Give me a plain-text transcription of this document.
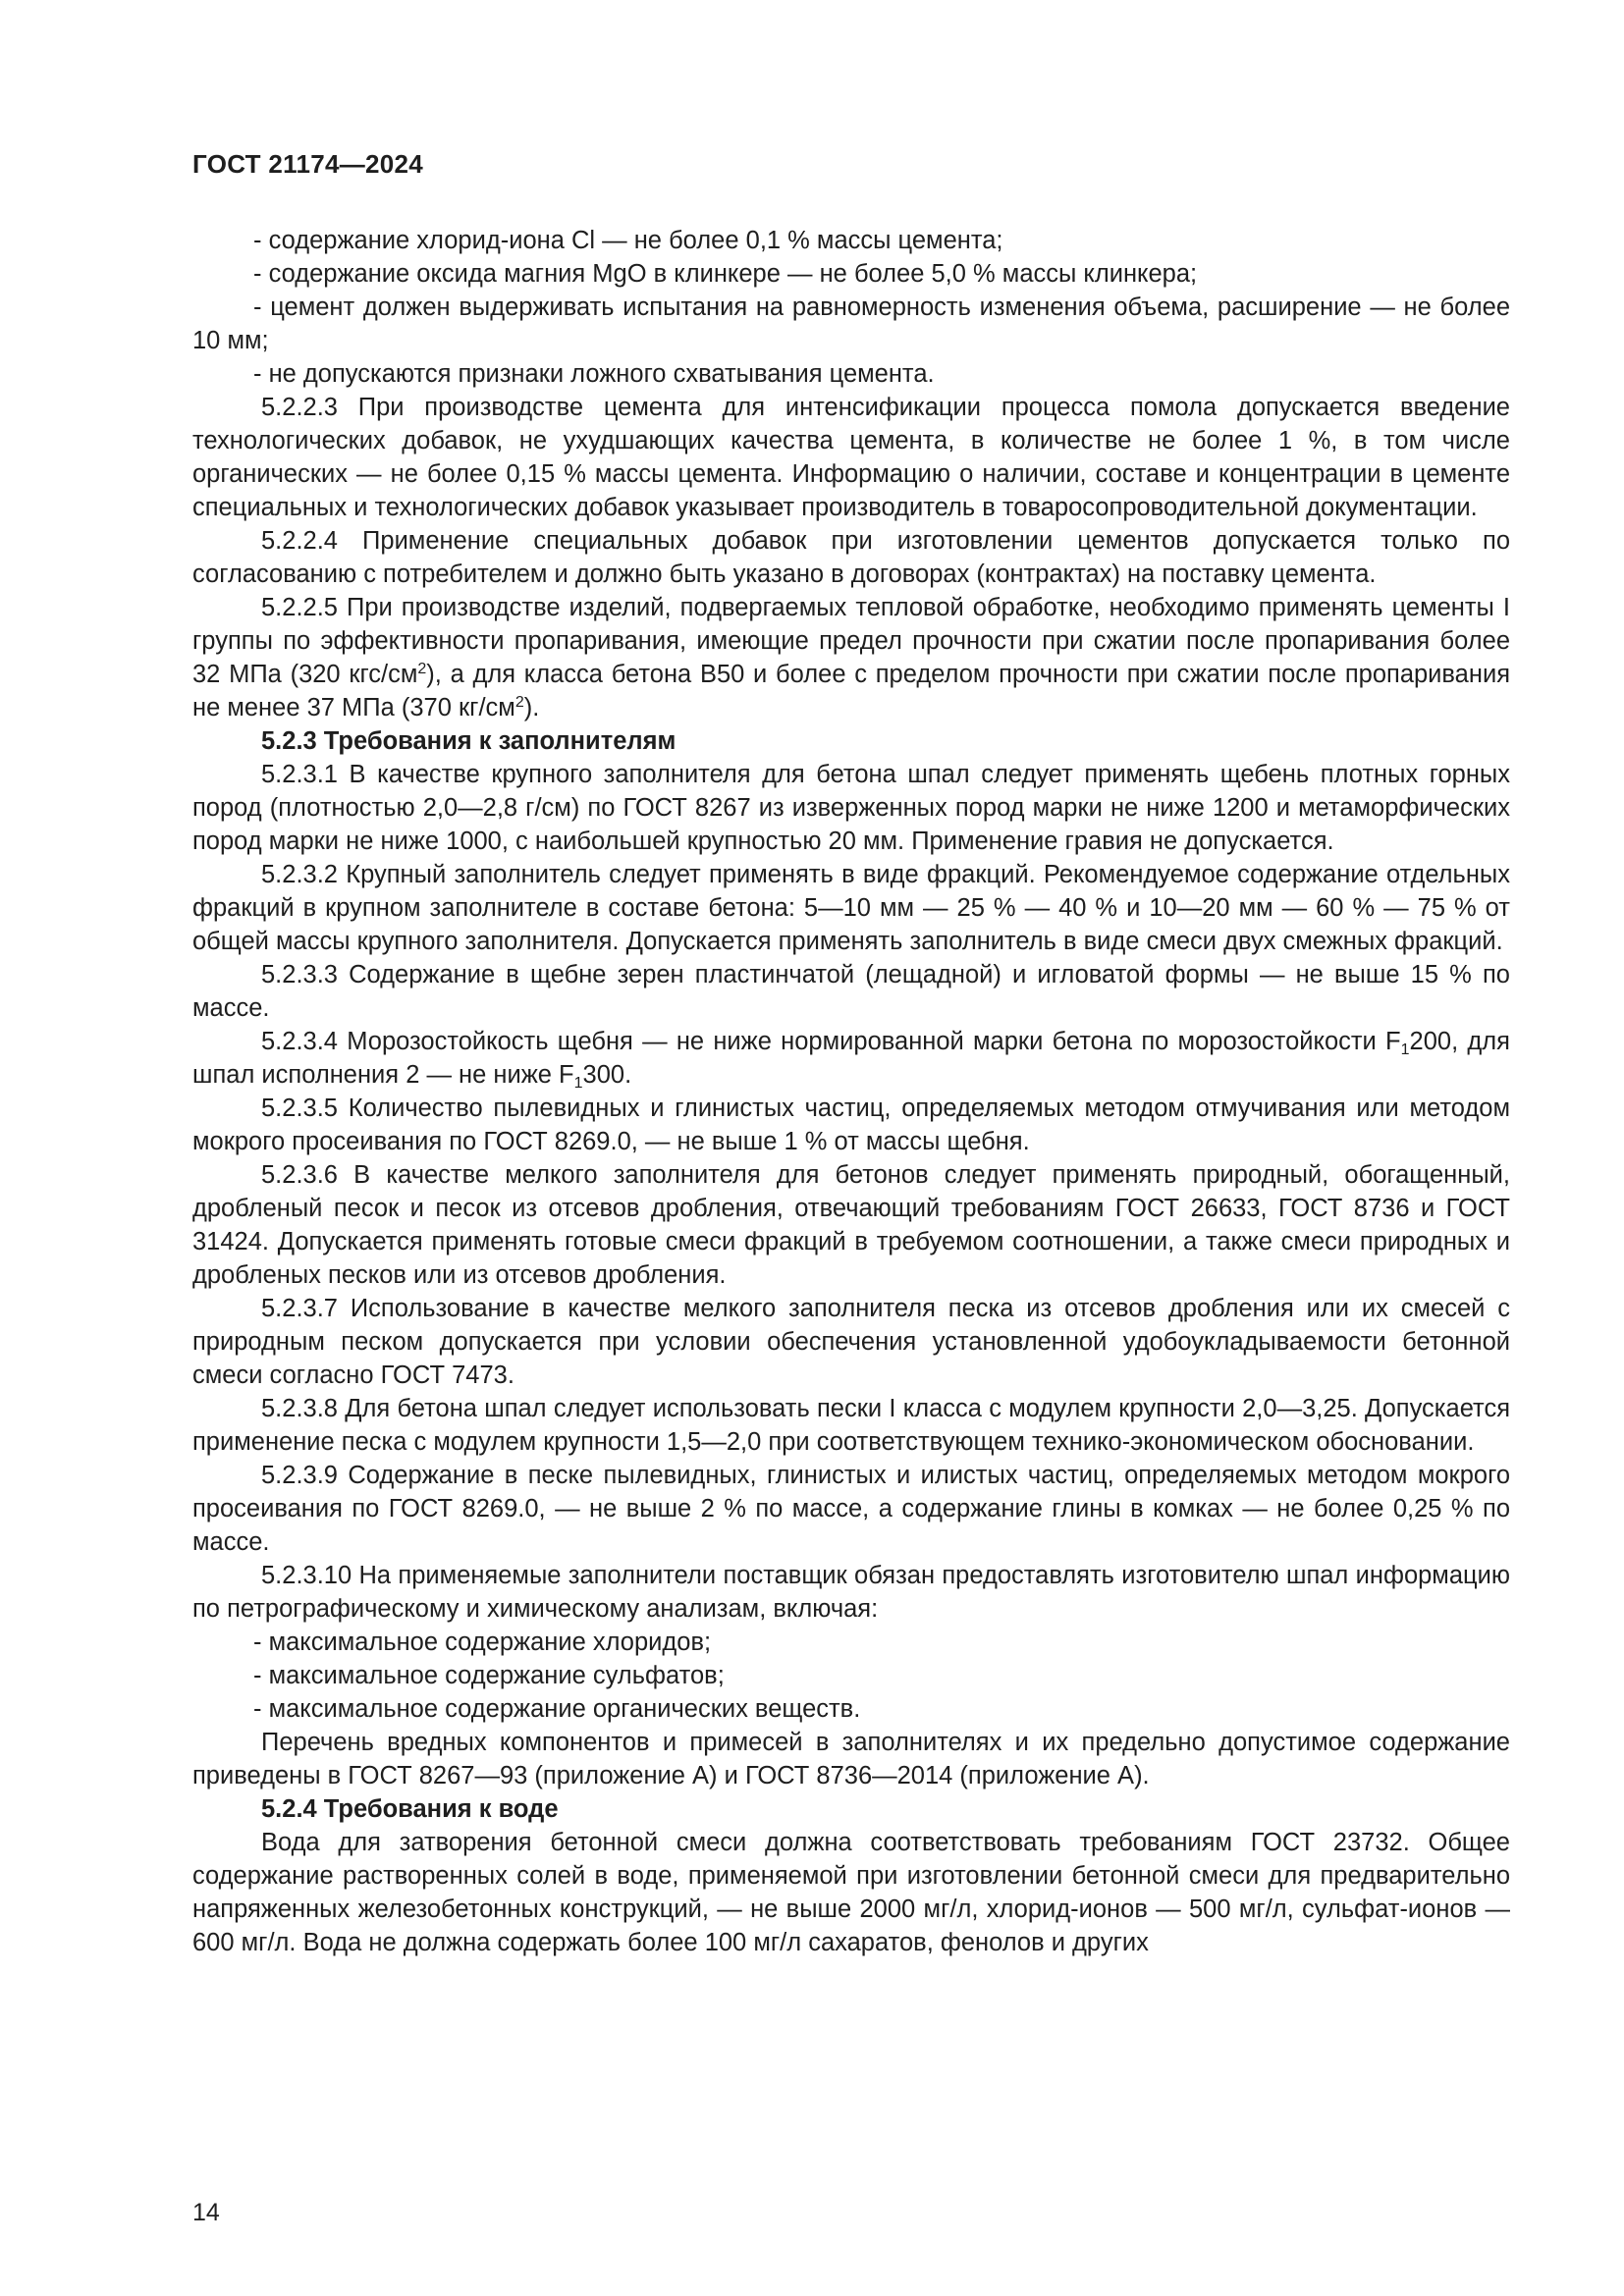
ГОСТ 21174—2024

- содержание хлорид-иона Cl — не более 0,1 % массы цемента;

- содержание оксида магния MgO в клинкере — не более 5,0 % массы клинкера;

- цемент должен выдерживать испытания на равномерность изменения объема, расширение — не более 10 мм;

- не допускаются признаки ложного схватывания цемента.

5.2.2.3 При производстве цемента для интенсификации процесса помола допускается введение технологических добавок, не ухудшающих качества цемента, в количестве не более 1 %, в том числе органических — не более 0,15 % массы цемента. Информацию о наличии, составе и концентрации в цементе специальных и технологических добавок указывает производитель в товаросопроводительной документации.

5.2.2.4 Применение специальных добавок при изготовлении цементов допускается только по согласованию с потребителем и должно быть указано в договорах (контрактах) на поставку цемента.

5.2.2.5 При производстве изделий, подвергаемых тепловой обработке, необходимо применять цементы I группы по эффективности пропаривания, имеющие предел прочности при сжатии после пропаривания более 32 МПа (320 кгс/$см^2$), а для класса бетона В50 и более с пределом прочности при сжатии после пропаривания не менее 37 МПа (370 $кг/см^2$).

5.2.3 Требования к заполнителям

5.2.3.1 В качестве крупного заполнителя для бетона шпал следует применять щебень плотных горных пород (плотностью 2,0—2,8 г/см) по ГОСТ 8267 из изверженных пород марки не ниже 1200 и метаморфических пород марки не ниже 1000, с наибольшей крупностью 20 мм. Применение гравия не допускается.

5.2.3.2 Крупный заполнитель следует применять в виде фракций. Рекомендуемое содержание отдельных фракций в крупном заполнителе в составе бетона: 5—10 мм — 25 % — 40 % и 10—20 мм — 60 % — 75 % от общей массы крупного заполнителя. Допускается применять заполнитель в виде смеси двух смежных фракций.

5.2.3.3 Содержание в щебне зерен пластинчатой (лещадной) и игловатой формы — не выше 15 % по массе.

5.2.3.4 Морозостойкость щебня — не ниже нормированной марки бетона по морозостойкости $F_1200$, для шпал исполнения 2 — не ниже $F_1300$.

5.2.3.5 Количество пылевидных и глинистых частиц, определяемых методом отмучивания или методом мокрого просеивания по ГОСТ 8269.0, — не выше 1 % от массы щебня.

5.2.3.6 В качестве мелкого заполнителя для бетонов следует применять природный, обогащенный, дробленый песок и песок из отсевов дробления, отвечающий требованиям ГОСТ 26633, ГОСТ 8736 и ГОСТ 31424. Допускается применять готовые смеси фракций в требуемом соотношении, а также смеси природных и дробленых песков или из отсевов дробления.

5.2.3.7 Использование в качестве мелкого заполнителя песка из отсевов дробления или их смесей с природным песком допускается при условии обеспечения установленной удобоукладываемости бетонной смеси согласно ГОСТ 7473.

5.2.3.8 Для бетона шпал следует использовать пески I класса с модулем крупности 2,0—3,25. Допускается применение песка с модулем крупности 1,5—2,0 при соответствующем технико-экономическом обосновании.

5.2.3.9 Содержание в песке пылевидных, глинистых и илистых частиц, определяемых методом мокрого просеивания по ГОСТ 8269.0, — не выше 2 % по массе, а содержание глины в комках — не более 0,25 % по массе.

5.2.3.10 На применяемые заполнители поставщик обязан предоставлять изготовителю шпал информацию по петрографическому и химическому анализам, включая:

- максимальное содержание хлоридов;

- максимальное содержание сульфатов;

- максимальное содержание органических веществ.

Перечень вредных компонентов и примесей в заполнителях и их предельно допустимое содержание приведены в ГОСТ 8267—93 (приложение А) и ГОСТ 8736—2014 (приложение А).

5.2.4 Требования к воде

Вода для затворения бетонной смеси должна соответствовать требованиям ГОСТ 23732. Общее содержание растворенных солей в воде, применяемой при изготовлении бетонной смеси для предварительно напряженных железобетонных конструкций, — не выше 2000 мг/л, хлорид-ионов — 500 мг/л, сульфат-ионов — 600 мг/л. Вода не должна содержать более 100 мг/л сахаратов, фенолов и других

14
